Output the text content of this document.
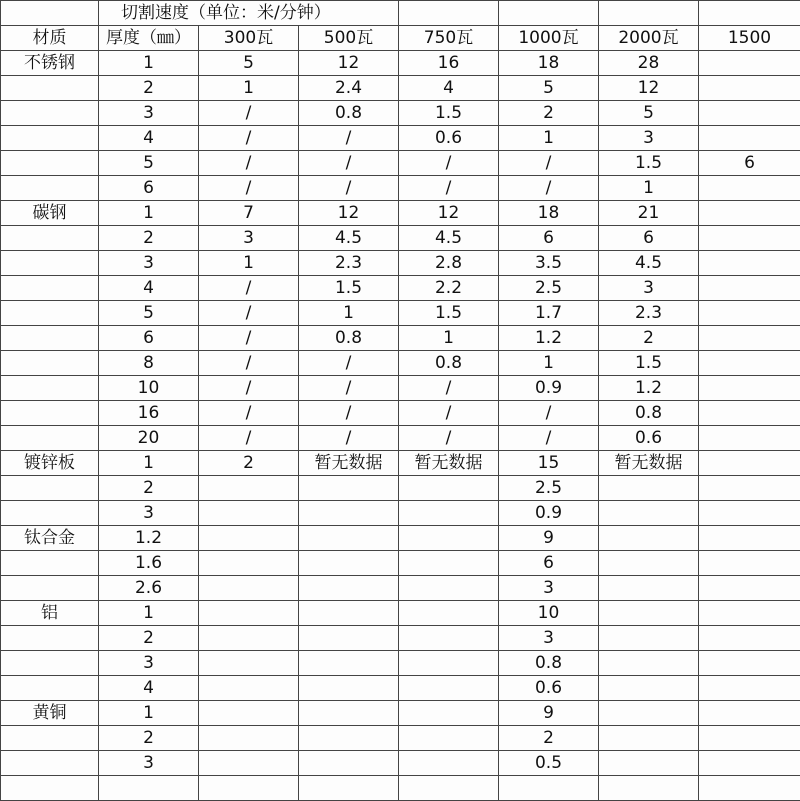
	切割速度（单位：米/分钟）						
材质	厚度（㎜）	300瓦	500瓦	750瓦	1000瓦	2000瓦	1500
不锈钢	1	5	12	16	18	28	
	2	1	2.4	4	5	12	
	3	/	0.8	1.5	2	5	
	4	/	/	0.6	1	3	
	5	/	/	/	/	1.5	6
	6	/	/	/	/	1	
碳钢	1	7	12	12	18	21	
	2	3	4.5	4.5	6	6	
	3	1	2.3	2.8	3.5	4.5	
	4	/	1.5	2.2	2.5	3	
	5	/	1	1.5	1.7	2.3	
	6	/	0.8	1	1.2	2	
	8	/	/	0.8	1	1.5	
	10	/	/	/	0.9	1.2	
	16	/	/	/	/	0.8	
	20	/	/	/	/	0.6	
镀锌板	1	2	暂无数据	暂无数据	15	暂无数据	
	2				2.5		
	3				0.9		
钛合金	1.2				9		
	1.6				6		
	2.6				3		
铝	1				10		
	2				3		
	3				0.8		
	4				0.6		
黄铜	1				9		
	2				2		
	3				0.5		
